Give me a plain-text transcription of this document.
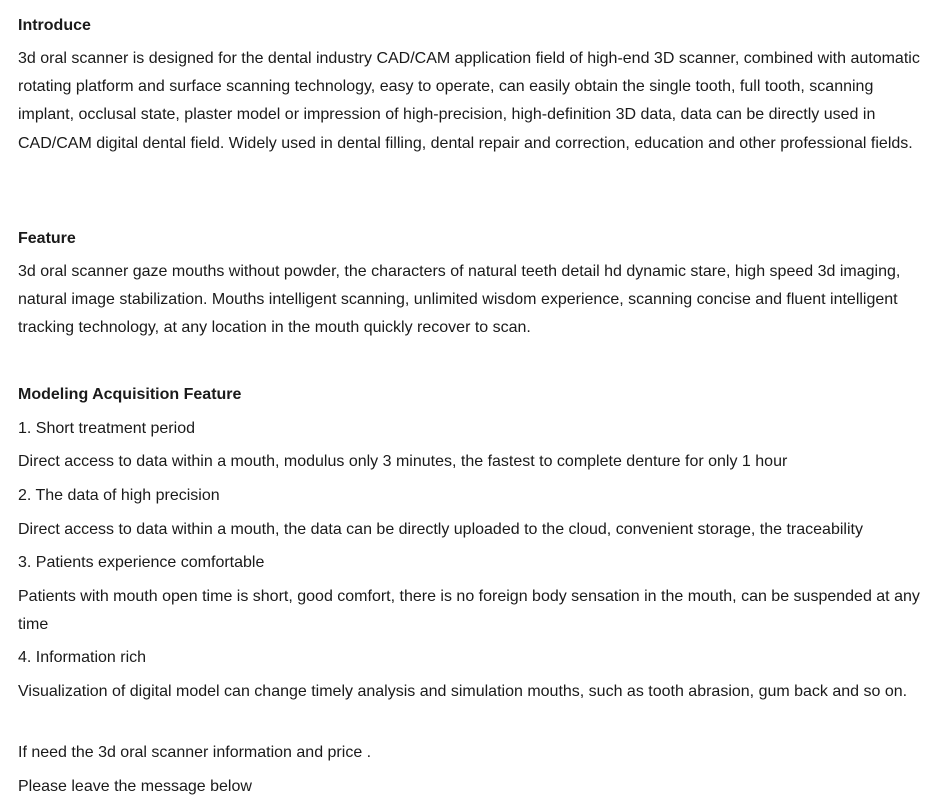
Introduce

3d oral scanner is designed for the dental industry CAD/CAM application field of high-end 3D scanner, combined with automatic rotating platform and surface scanning technology, easy to operate, can easily obtain the single tooth, full tooth, scanning implant, occlusal state, plaster model or impression of high-precision, high-definition 3D data, data can be directly used in CAD/CAM digital dental field. Widely used in dental filling, dental repair and correction, education and other professional fields.

Feature

3d oral scanner gaze mouths without powder, the characters of natural teeth detail hd dynamic stare, high speed 3d imaging, natural image stabilization. Mouths intelligent scanning, unlimited wisdom experience, scanning concise and fluent intelligent tracking technology, at any location in the mouth quickly recover to scan.

Modeling Acquisition Feature
1. Short treatment period
Direct access to data within a mouth, modulus only 3 minutes, the fastest to complete denture for only 1 hour
2. The data of high precision
Direct access to data within a mouth, the data can be directly uploaded to the cloud, convenient storage, the traceability
3. Patients experience comfortable

Patients with mouth open time is short, good comfort, there is no foreign body sensation in the mouth, can be suspended at any time

4. Information rich

Visualization of digital model can change timely analysis and simulation mouths, such as tooth abrasion, gum back and so on.

If need the 3d oral scanner information and price .
Please leave the message below
